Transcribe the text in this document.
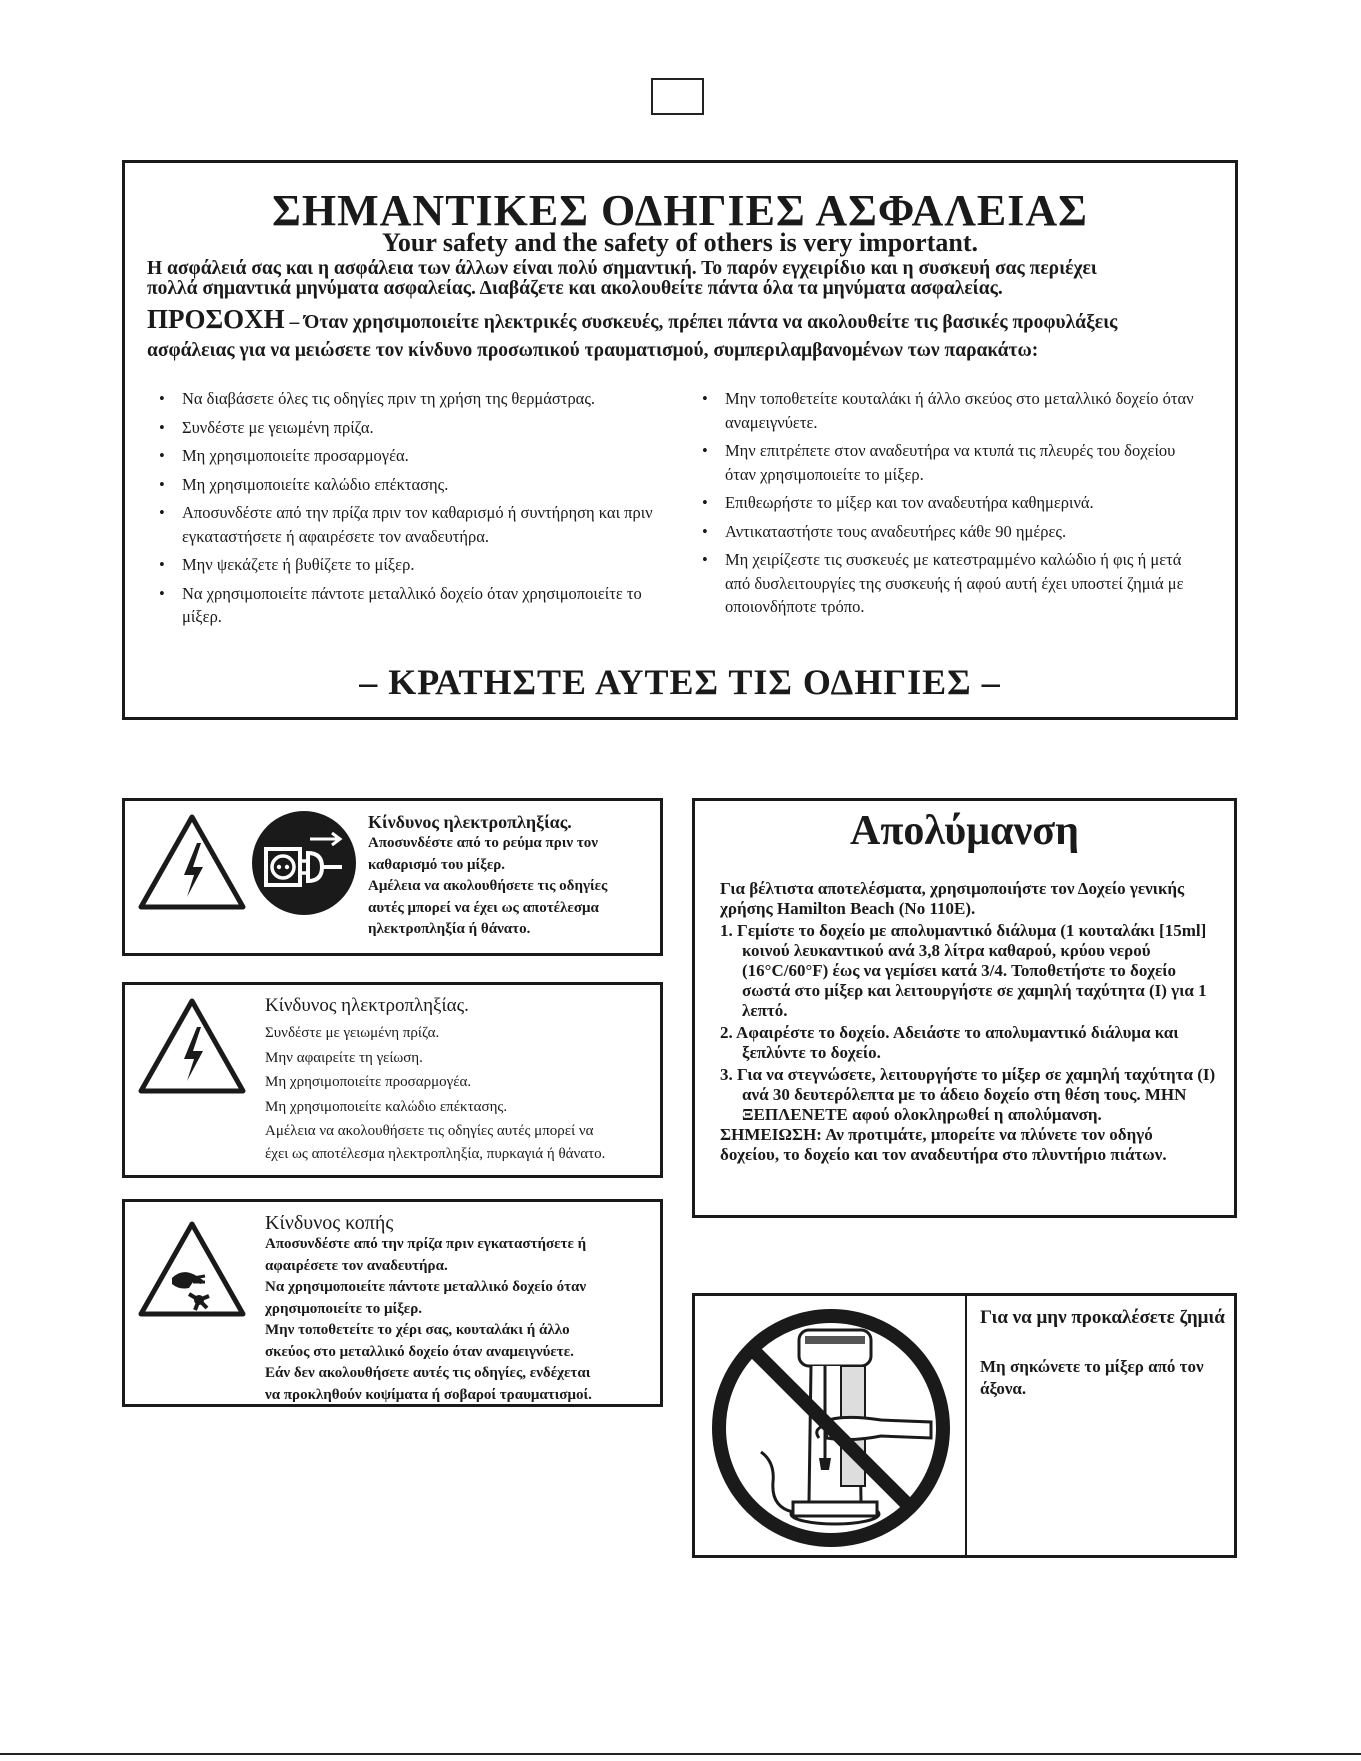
ΣΗΜΑΝΤΙΚΕΣ ΟΔΗΓΙΕΣ ΑΣΦΑΛΕΙΑΣ
Your safety and the safety of others is very important.
Η ασφάλειά σας και η ασφάλεια των άλλων είναι πολύ σημαντική. Το παρόν εγχειρίδιο και η συσκευή σας περιέχει
πολλά σημαντικά μηνύματα ασφαλείας. Διαβάζετε και ακολουθείτε πάντα όλα τα μηνύματα ασφαλείας.
ΠΡΟΣΟΧΗ – Όταν χρησιμοποιείτε ηλεκτρικές συσκευές, πρέπει πάντα να ακολουθείτε τις βασικές προφυλάξεις
ασφάλειας για να μειώσετε τον κίνδυνο προσωπικού τραυματισμού, συμπεριλαμβανομένων των παρακάτω:
• Να διαβάσετε όλες τις οδηγίες πριν τη χρήση της θερμάστρας.
• Συνδέστε με γειωμένη πρίζα.
• Μη χρησιμοποιείτε προσαρμογέα.
• Μη χρησιμοποιείτε καλώδιο επέκτασης.
• Αποσυνδέστε από την πρίζα πριν τον καθαρισμό ή συντήρηση και πριν εγκαταστήσετε ή αφαιρέσετε τον αναδευτήρα.
• Μην ψεκάζετε ή βυθίζετε το μίξερ.
• Να χρησιμοποιείτε πάντοτε μεταλλικό δοχείο όταν χρησιμοποιείτε το μίξερ.
• Μην τοποθετείτε κουταλάκι ή άλλο σκεύος στο μεταλλικό δοχείο όταν αναμειγνύετε.
• Μην επιτρέπετε στον αναδευτήρα να κτυπά τις πλευρές του δοχείου όταν χρησιμοποιείτε το μίξερ.
• Επιθεωρήστε το μίξερ και τον αναδευτήρα καθημερινά.
• Αντικαταστήστε τους αναδευτήρες κάθε 90 ημέρες.
• Μη χειρίζεστε τις συσκευές με κατεστραμμένο καλώδιο ή φις ή μετά από δυσλειτουργίες της συσκευής ή αφού αυτή έχει υποστεί ζημιά με οποιονδήποτε τρόπο.
– ΚΡΑΤΗΣΤΕ ΑΥΤΕΣ ΤΙΣ ΟΔΗΓΙΕΣ –
Κίνδυνος ηλεκτροπληξίας.
Αποσυνδέστε από το ρεύμα πριν τον
καθαρισμό του μίξερ.
Αμέλεια να ακολουθήσετε τις οδηγίες
αυτές μπορεί να έχει ως αποτέλεσμα
ηλεκτροπληξία ή θάνατο.
Κίνδυνος ηλεκτροπληξίας.
Συνδέστε με γειωμένη πρίζα.
Μην αφαιρείτε τη γείωση.
Μη χρησιμοποιείτε προσαρμογέα.
Μη χρησιμοποιείτε καλώδιο επέκτασης.
Αμέλεια να ακολουθήσετε τις οδηγίες αυτές μπορεί να
έχει ως αποτέλεσμα ηλεκτροπληξία, πυρκαγιά ή θάνατο.
Κίνδυνος κοπής
Αποσυνδέστε από την πρίζα πριν εγκαταστήσετε ή
αφαιρέσετε τον αναδευτήρα.
Να χρησιμοποιείτε πάντοτε μεταλλικό δοχείο όταν
χρησιμοποιείτε το μίξερ.
Μην τοποθετείτε το χέρι σας, κουταλάκι ή άλλο
σκεύος στο μεταλλικό δοχείο όταν αναμειγνύετε.
Εάν δεν ακολουθήσετε αυτές τις οδηγίες, ενδέχεται
να προκληθούν κοψίματα ή σοβαροί τραυματισμοί.
Απολύμανση

Για βέλτιστα αποτελέσματα, χρησιμοποιήστε τον Δοχείο γενικής χρήσης Hamilton Beach (No 110E).

1. Γεμίστε το δοχείο με απολυμαντικό διάλυμα (1 κουταλάκι [15ml] κοινού λευκαντικού ανά 3,8 λίτρα καθαρού, κρύου νερού (16°C/60°F) έως να γεμίσει κατά 3/4. Τοποθετήστε το δοχείο σωστά στο μίξερ και λειτουργήστε σε χαμηλή ταχύτητα (I) για 1 λεπτό.

2. Αφαιρέστε το δοχείο. Αδειάστε το απολυμαντικό διάλυμα και ξεπλύντε το δοχείο.

3. Για να στεγνώσετε, λειτουργήστε το μίξερ σε χαμηλή ταχύτητα (I) ανά 30 δευτερόλεπτα με το άδειο δοχείο στη θέση τους. ΜΗΝ ΞΕΠΛΕΝΕΤΕ αφού ολοκληρωθεί η απολύμανση.

ΣΗΜΕΙΩΣΗ: Αν προτιμάτε, μπορείτε να πλύνετε τον οδηγό δοχείου, το δοχείο και τον αναδευτήρα στο πλυντήριο πιάτων.

Για να μην προκαλέσετε ζημιά
Μη σηκώνετε το μίξερ από τον άξονα.
